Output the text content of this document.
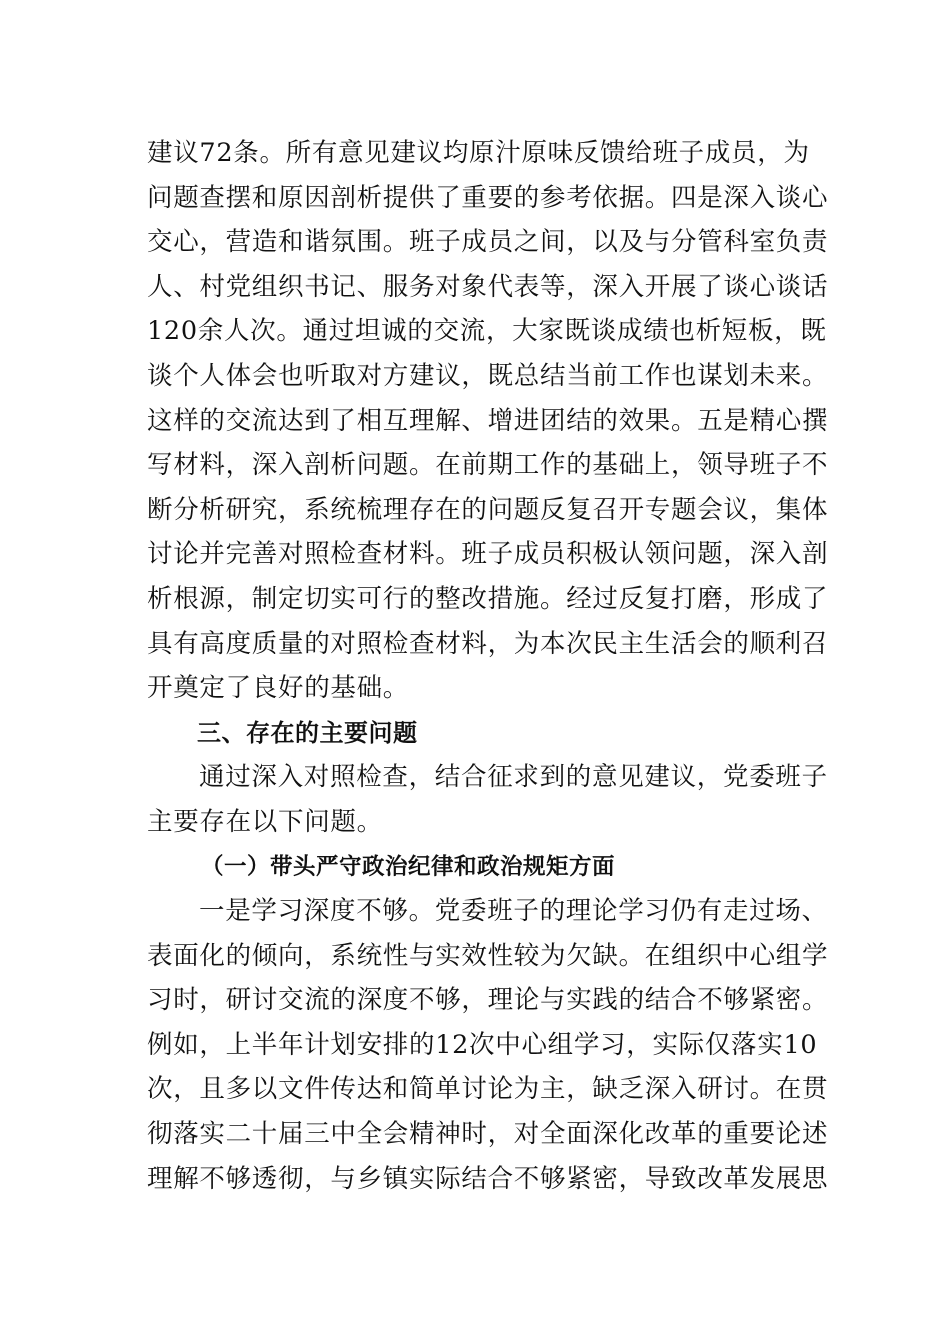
建议72条。所有意见建议均原汁原味反馈给班子成员，为
问题查摆和原因剖析提供了重要的参考依据。四是深入谈心
交心，营造和谐氛围。班子成员之间，以及与分管科室负责
人、村党组织书记、服务对象代表等，深入开展了谈心谈话
120余人次。通过坦诚的交流，大家既谈成绩也析短板，既
谈个人体会也听取对方建议，既总结当前工作也谋划未来。
这样的交流达到了相互理解、增进团结的效果。五是精心撰
写材料，深入剖析问题。在前期工作的基础上，领导班子不
断分析研究，系统梳理存在的问题反复召开专题会议，集体
讨论并完善对照检查材料。班子成员积极认领问题，深入剖
析根源，制定切实可行的整改措施。经过反复打磨，形成了
具有高度质量的对照检查材料，为本次民主生活会的顺利召
开奠定了良好的基础。
三、存在的主要问题
通过深入对照检查，结合征求到的意见建议，党委班子
主要存在以下问题。
（一）带头严守政治纪律和政治规矩方面
一是学习深度不够。党委班子的理论学习仍有走过场、
表面化的倾向，系统性与实效性较为欠缺。在组织中心组学
习时，研讨交流的深度不够，理论与实践的结合不够紧密。
例如，上半年计划安排的12次中心组学习，实际仅落实10
次，且多以文件传达和简单讨论为主，缺乏深入研讨。在贯
彻落实二十届三中全会精神时，对全面深化改革的重要论述
理解不够透彻，与乡镇实际结合不够紧密，导致改革发展思
